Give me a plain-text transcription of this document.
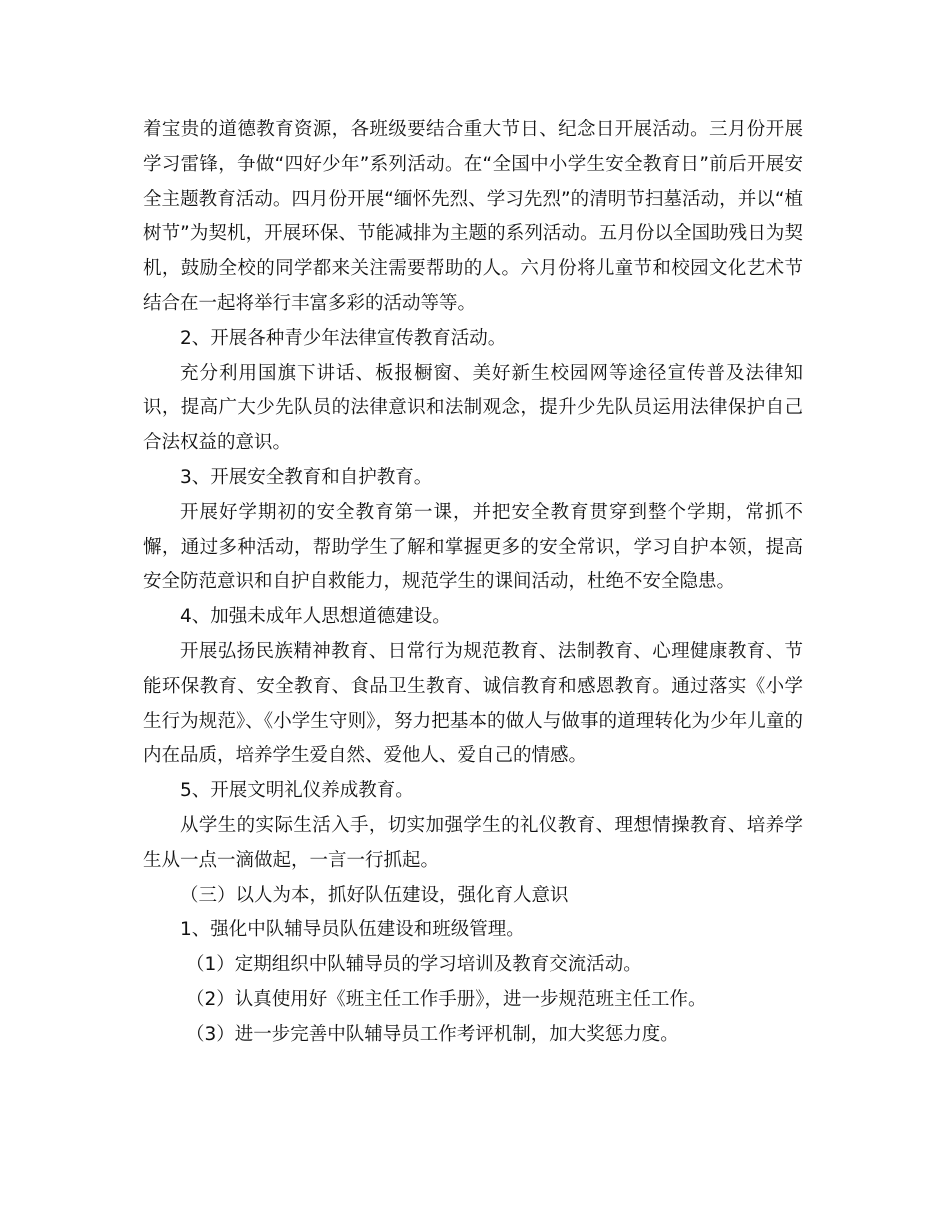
着宝贵的道德教育资源，各班级要结合重大节日、纪念日开展活动。三月份开展学习雷锋，争做“四好少年”系列活动。在“全国中小学生安全教育日”前后开展安全主题教育活动。四月份开展“缅怀先烈、学习先烈”的清明节扫墓活动，并以“植树节”为契机，开展环保、节能减排为主题的系列活动。五月份以全国助残日为契机，鼓励全校的同学都来关注需要帮助的人。六月份将儿童节和校园文化艺术节结合在一起将举行丰富多彩的活动等等。

2、开展各种青少年法律宣传教育活动。

充分利用国旗下讲话、板报橱窗、美好新生校园网等途径宣传普及法律知识，提高广大少先队员的法律意识和法制观念，提升少先队员运用法律保护自己合法权益的意识。

3、开展安全教育和自护教育。

开展好学期初的安全教育第一课，并把安全教育贯穿到整个学期，常抓不懈，通过多种活动，帮助学生了解和掌握更多的安全常识，学习自护本领，提高安全防范意识和自护自救能力，规范学生的课间活动，杜绝不安全隐患。

4、加强未成年人思想道德建设。

开展弘扬民族精神教育、日常行为规范教育、法制教育、心理健康教育、节能环保教育、安全教育、食品卫生教育、诚信教育和感恩教育。通过落实《小学生行为规范》、《小学生守则》，努力把基本的做人与做事的道理转化为少年儿童的内在品质，培养学生爱自然、爱他人、爱自己的情感。

5、开展文明礼仪养成教育。

从学生的实际生活入手，切实加强学生的礼仪教育、理想情操教育、培养学生从一点一滴做起，一言一行抓起。

（三）以人为本，抓好队伍建设，强化育人意识

1、强化中队辅导员队伍建设和班级管理。

（1）定期组织中队辅导员的学习培训及教育交流活动。

（2）认真使用好《班主任工作手册》，进一步规范班主任工作。

（3）进一步完善中队辅导员工作考评机制，加大奖惩力度。
